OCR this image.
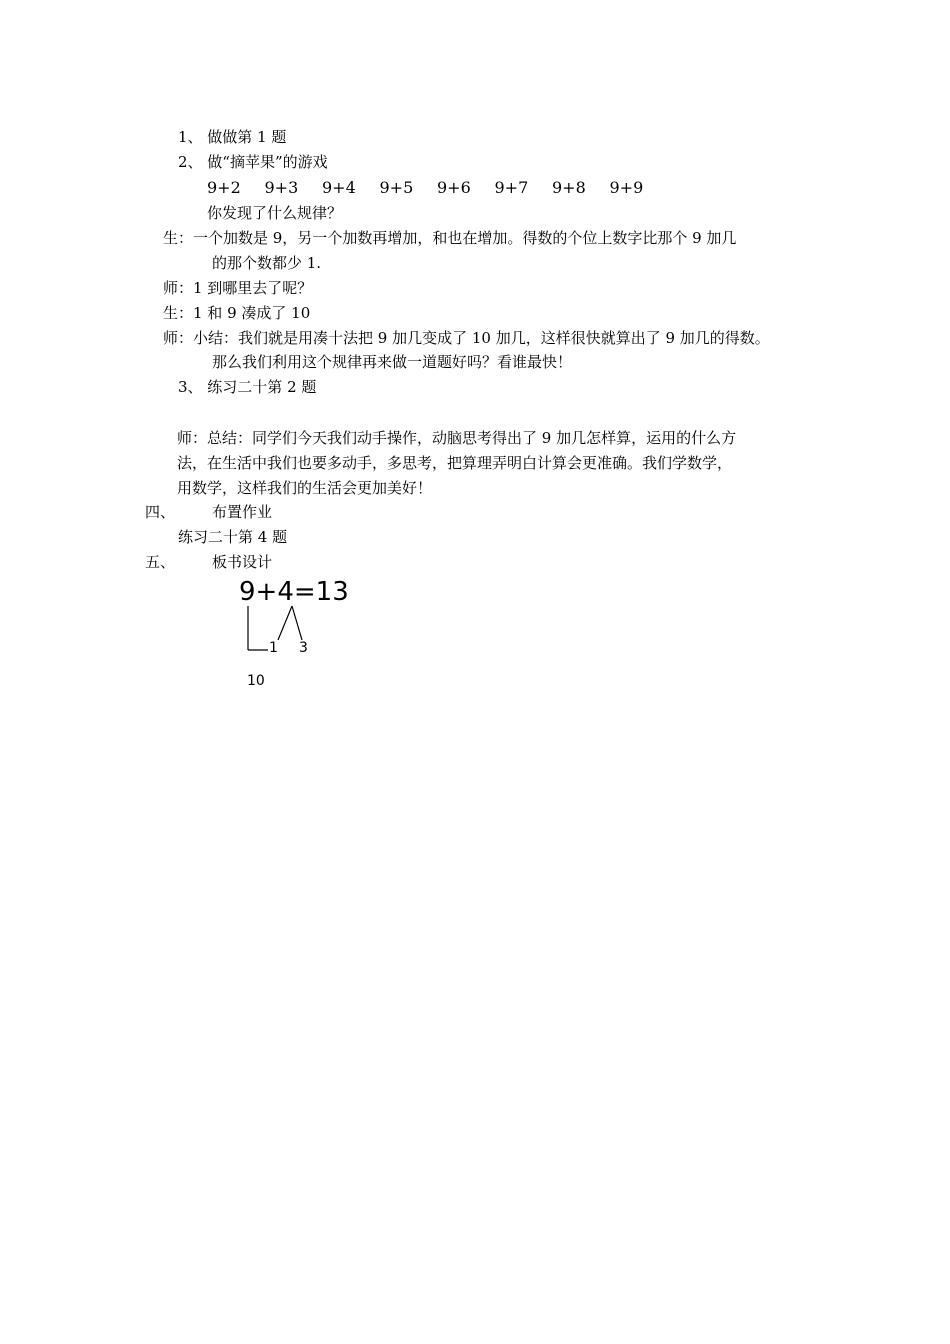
1、 做做第 1 题
2、 做“摘苹果”的游戏
9+2 9+3 9+4 9+5 9+6 9+7 9+8 9+9
你发现了什么规律？
生：一个加数是 9，另一个加数再增加，和也在增加。得数的个位上数字比那个 9 加几
的那个数都少 1.
师：1 到哪里去了呢？
生：1 和 9 凑成了 10
师：小结：我们就是用凑十法把 9 加几变成了 10 加几，这样很快就算出了 9 加几的得数。
那么我们利用这个规律再来做一道题好吗？看谁最快！
3、 练习二十第 2 题
师：总结：同学们今天我们动手操作，动脑思考得出了 9 加几怎样算，运用的什么方
法，在生活中我们也要多动手，多思考，把算理弄明白计算会更准确。我们学数学，
用数学，这样我们的生活会更加美好！
四、 布置作业
练习二十第 4 题
五、 板书设计
9+4=13
1 3
10
